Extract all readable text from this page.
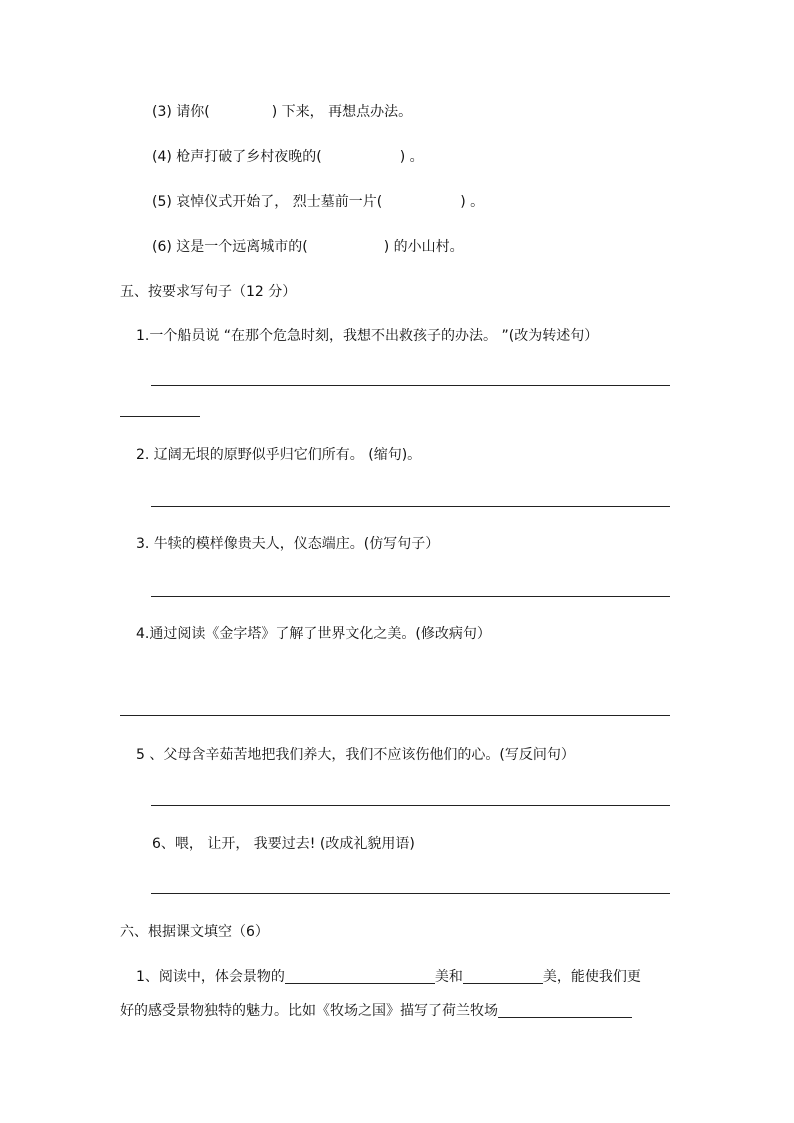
(3) 请你(	) 下来， 再想点办法。
(4) 枪声打破了乡村夜晚的(	) 。
(5) 哀悼仪式开始了， 烈士墓前一片(	) 。
(6) 这是一个远离城市的(	) 的小山村。
五、按要求写句子（12 分）
1.一个船员说 “在那个危急时刻，我想不出救孩子的办法。 ”(改为转述句）
2. 辽阔无垠的原野似乎归它们所有。 (缩句)。
3. 牛犊的模样像贵夫人，仪态端庄。(仿写句子）
4.通过阅读《金字塔》了解了世界文化之美。(修改病句）
5 、父母含辛茹苦地把我们养大，我们不应该伤他们的心。(写反问句）
6、喂， 让开， 我要过去! (改成礼貌用语)
六、根据课文填空（6）
1、阅读中，体会景物的	美和	美，能使我们更
好的感受景物独特的魅力。比如《牧场之国》描写了荷兰牧场
